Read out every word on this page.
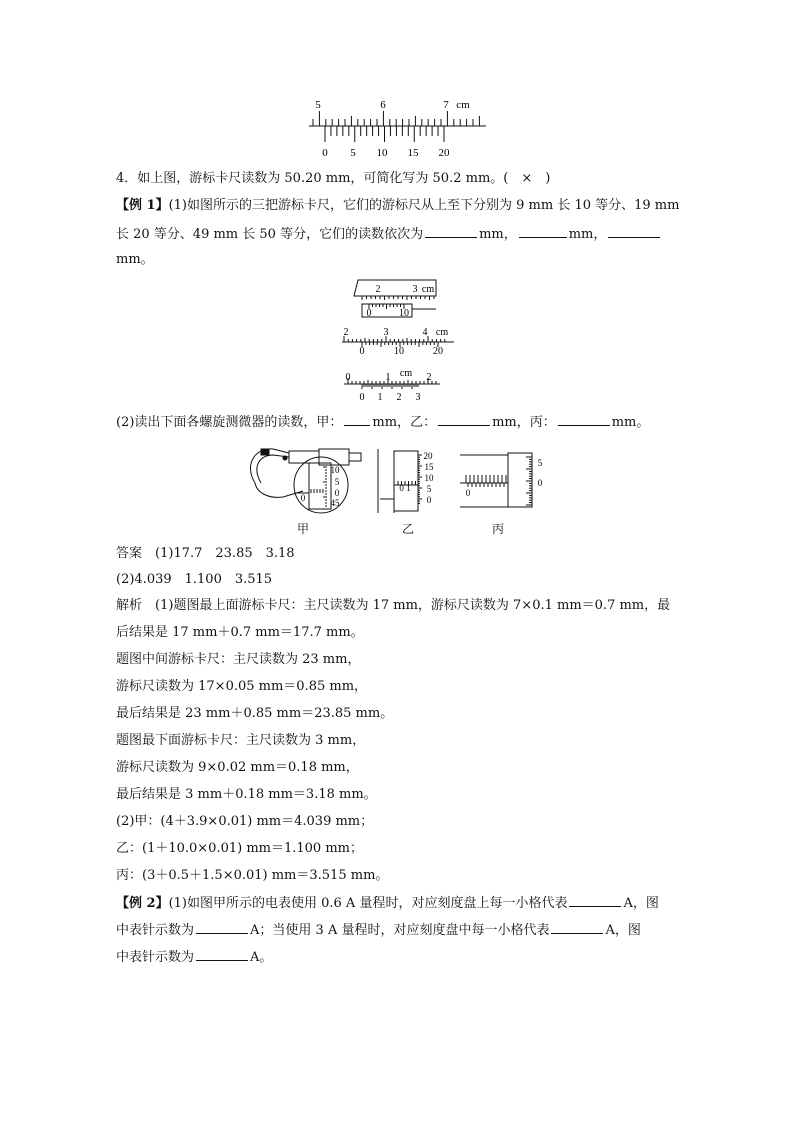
5	6	7 cm
0 5 10 15 20
4．如上图，游标卡尺读数为 50.20 mm，可简化写为 50.2 mm。(　×　)
【例 1】(1)如图所示的三把游标卡尺，它们的游标尺从上至下分别为 9 mm 长 10 等分、19 mm
长 20 等分、49 mm 长 50 等分，它们的读数依次为	mm，	mm，
mm。
2	3 cm
0	10
2	3	4 cm
0	10	20
0	1 cm 2
0 1 2 3
(2)读出下面各螺旋测微器的读数，甲： mm，乙：	mm，丙：	mm。
10
5
0
45
0
甲
20
15
10
5
0
0 1
乙
5
0
0
丙
答案　 (1)17.7　23.85　3.18
(2)4.039　1.100　3.515
解析　 (1)题图最上面游标卡尺：主尺读数为 17 mm，游标尺读数为 7×0.1 mm＝0.7 mm，最
后结果是 17 mm＋0.7 mm＝17.7 mm。
题图中间游标卡尺：主尺读数为 23 mm，
游标尺读数为 17×0.05 mm＝0.85 mm，
最后结果是 23 mm＋0.85 mm＝23.85 mm。
题图最下面游标卡尺：主尺读数为 3 mm，
游标尺读数为 9×0.02 mm＝0.18 mm，
最后结果是 3 mm＋0.18 mm＝3.18 mm。
(2)甲：(4＋3.9×0.01) mm＝4.039 mm；
乙：(1＋10.0×0.01) mm＝1.100 mm；
丙：(3＋0.5＋1.5×0.01) mm＝3.515 mm。
【例 2】(1)如图甲所示的电表使用 0.6 A 量程时，对应刻度盘上每一小格代表	A，图
中表针示数为	A；当使用 3 A 量程时，对应刻度盘中每一小格代表	A，图
中表针示数为	A。
